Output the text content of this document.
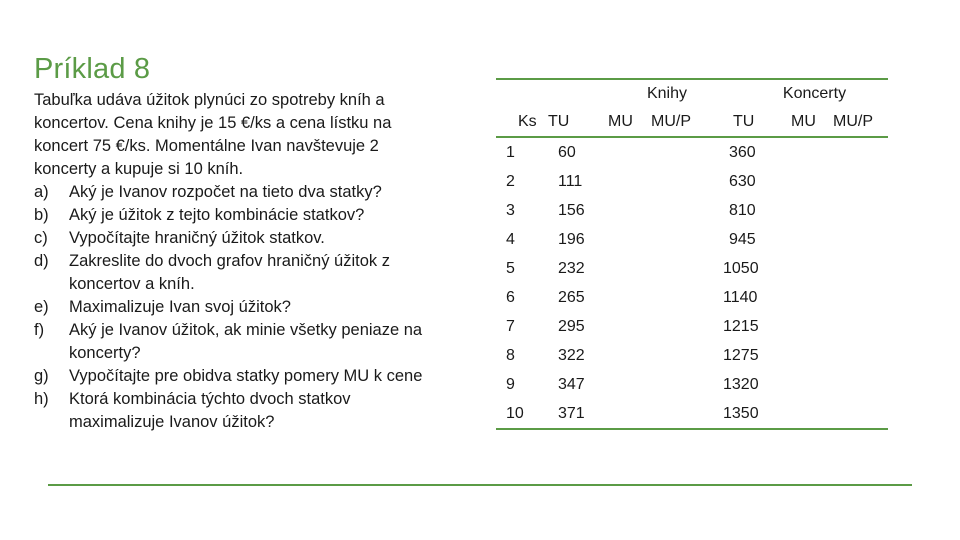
Príklad 8
Tabuľka udáva úžitok plynúci zo spotreby kníh a koncertov. Cena knihy je 15 €/ks a cena lístku na koncert 75 €/ks. Momentálne Ivan navštevuje 2 koncerty a kupuje si 10 kníh.
a)	Aký je Ivanov rozpočet na tieto dva statky?
b)	Aký je úžitok z tejto kombinácie statkov?
c)	Vypočítajte hraničný úžitok statkov.
d)	Zakreslite do dvoch grafov hraničný úžitok z koncertov a kníh.
e)	Maximalizuje Ivan svoj úžitok?
f)	Aký je Ivanov úžitok, ak minie všetky peniaze na koncerty?
g)	Vypočítajte pre obidva statky pomery MU k cene
h)	Ktorá kombinácia týchto dvoch statkov maximalizuje Ivanov úžitok?
	Knihy			Koncerty		
Ks	TU	MU	MU/P	TU	MU	MU/P
1	60			360		
2	111			630		
3	156			810		
4	196			945		
5	232			1050		
6	265			1140		
7	295			1215		
8	322			1275		
9	347			1320		
10	371			1350		
